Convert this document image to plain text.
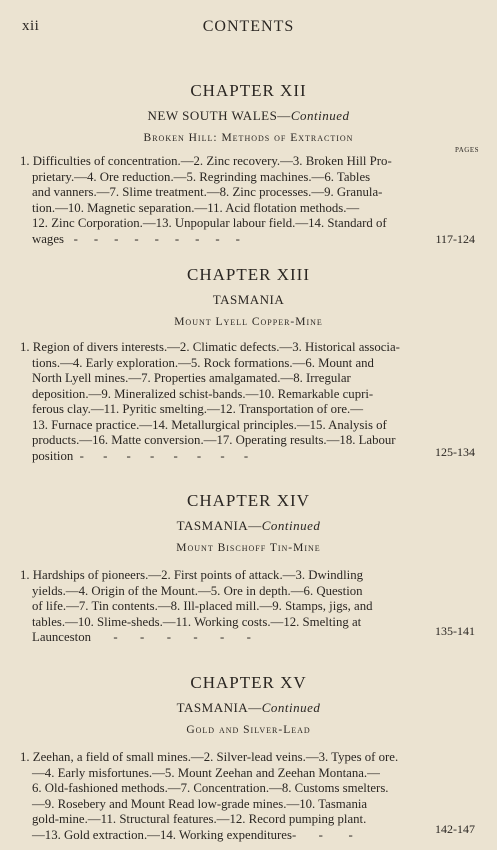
xii	CONTENTS

CHAPTER XII

NEW SOUTH WALES—Continued

Broken Hill: Methods of Extraction

PAGES
1. Difficulties of concentration.—2. Zinc recovery.—3. Broken Hill Pro-
prietary.—4. Ore reduction.—5. Regrinding machines.—6. Tables
and vanners.—7. Slime treatment.—8. Zinc processes.—9. Granula-
tion.—10. Magnetic separation.—11. Acid flotation methods.—
12. Zinc Corporation.—13. Unpopular labour field.—14. Standard of
wages   -     -     -     -     -     -     -     -     -	117-124

CHAPTER XIII

TASMANIA

Mount Lyell Copper-Mine

1. Region of divers interests.—2. Climatic defects.—3. Historical associa-
tions.—4. Early exploration.—5. Rock formations.—6. Mount and
North Lyell mines.—7. Properties amalgamated.—8. Irregular
deposition.—9. Mineralized schist-bands.—10. Remarkable cupri-
ferous clay.—11. Pyritic smelting.—12. Transportation of ore.—
13. Furnace practice.—14. Metallurgical principles.—15. Analysis of
products.—16. Matte conversion.—17. Operating results.—18. Labour
position  -      -      -      -      -      -      -      -	125-134

CHAPTER XIV

TASMANIA—Continued

Mount Bischoff Tin-Mine

1. Hardships of pioneers.—2. First points of attack.—3. Dwindling
yields.—4. Origin of the Mount.—5. Ore in depth.—6. Question
of life.—7. Tin contents.—8. Ill-placed mill.—9. Stamps, jigs, and
tables.—10. Slime-sheds.—11. Working costs.—12. Smelting at
Launceston       -       -       -       -       -       -	135-141

CHAPTER XV

TASMANIA—Continued

Gold and Silver-Lead

1. Zeehan, a field of small mines.—2. Silver-lead veins.—3. Types of ore.
—4. Early misfortunes.—5. Mount Zeehan and Zeehan Montana.—
6. Old-fashioned methods.—7. Concentration.—8. Customs smelters.
—9. Rosebery and Mount Read low-grade mines.—10. Tasmania
gold-mine.—11. Structural features.—12. Record pumping plant.
—13. Gold extraction.—14. Working expenditures-       -        -	142-147
